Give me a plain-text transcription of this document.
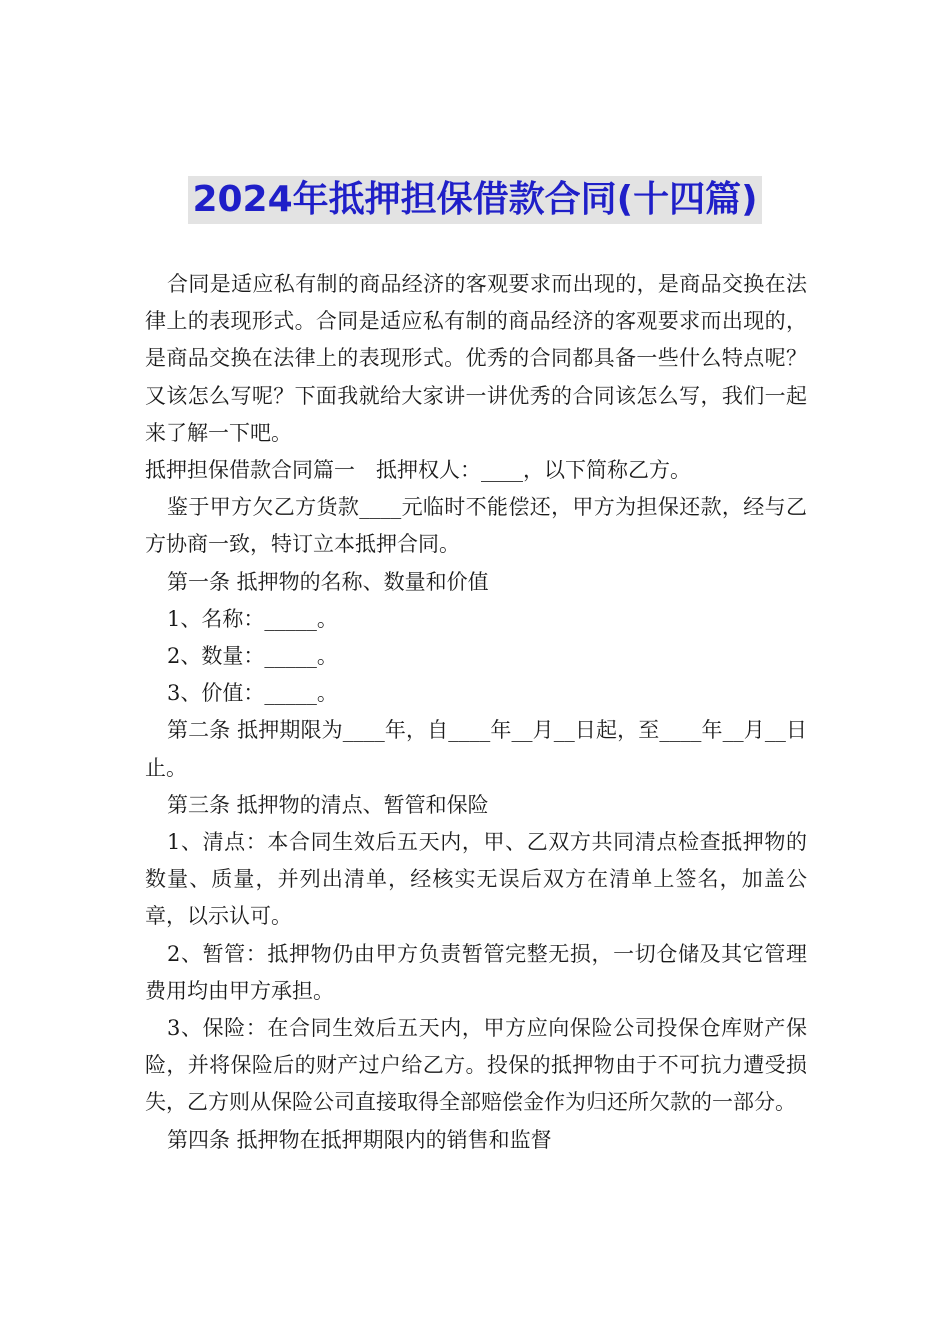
2024年抵押担保借款合同(十四篇)

合同是适应私有制的商品经济的客观要求而出现的，是商品交换在法律上的表现形式。合同是适应私有制的商品经济的客观要求而出现的，是商品交换在法律上的表现形式。优秀的合同都具备一些什么特点呢？又该怎么写呢？下面我就给大家讲一讲优秀的合同该怎么写，我们一起来了解一下吧。

抵押担保借款合同篇一　抵押权人：____，以下简称乙方。

鉴于甲方欠乙方货款____元临时不能偿还，甲方为担保还款，经与乙方协商一致，特订立本抵押合同。

第一条 抵押物的名称、数量和价值

1、名称：_____。

2、数量：_____。

3、价值：_____。

第二条 抵押期限为____年，自____年__月__日起，至____年__月__日止。

第三条 抵押物的清点、暂管和保险

1、清点：本合同生效后五天内，甲、乙双方共同清点检查抵押物的数量、质量，并列出清单，经核实无误后双方在清单上签名，加盖公章，以示认可。

2、暂管：抵押物仍由甲方负责暂管完整无损，一切仓储及其它管理费用均由甲方承担。

3、保险：在合同生效后五天内，甲方应向保险公司投保仓库财产保险，并将保险后的财产过户给乙方。投保的抵押物由于不可抗力遭受损失，乙方则从保险公司直接取得全部赔偿金作为归还所欠款的一部分。

第四条 抵押物在抵押期限内的销售和监督
